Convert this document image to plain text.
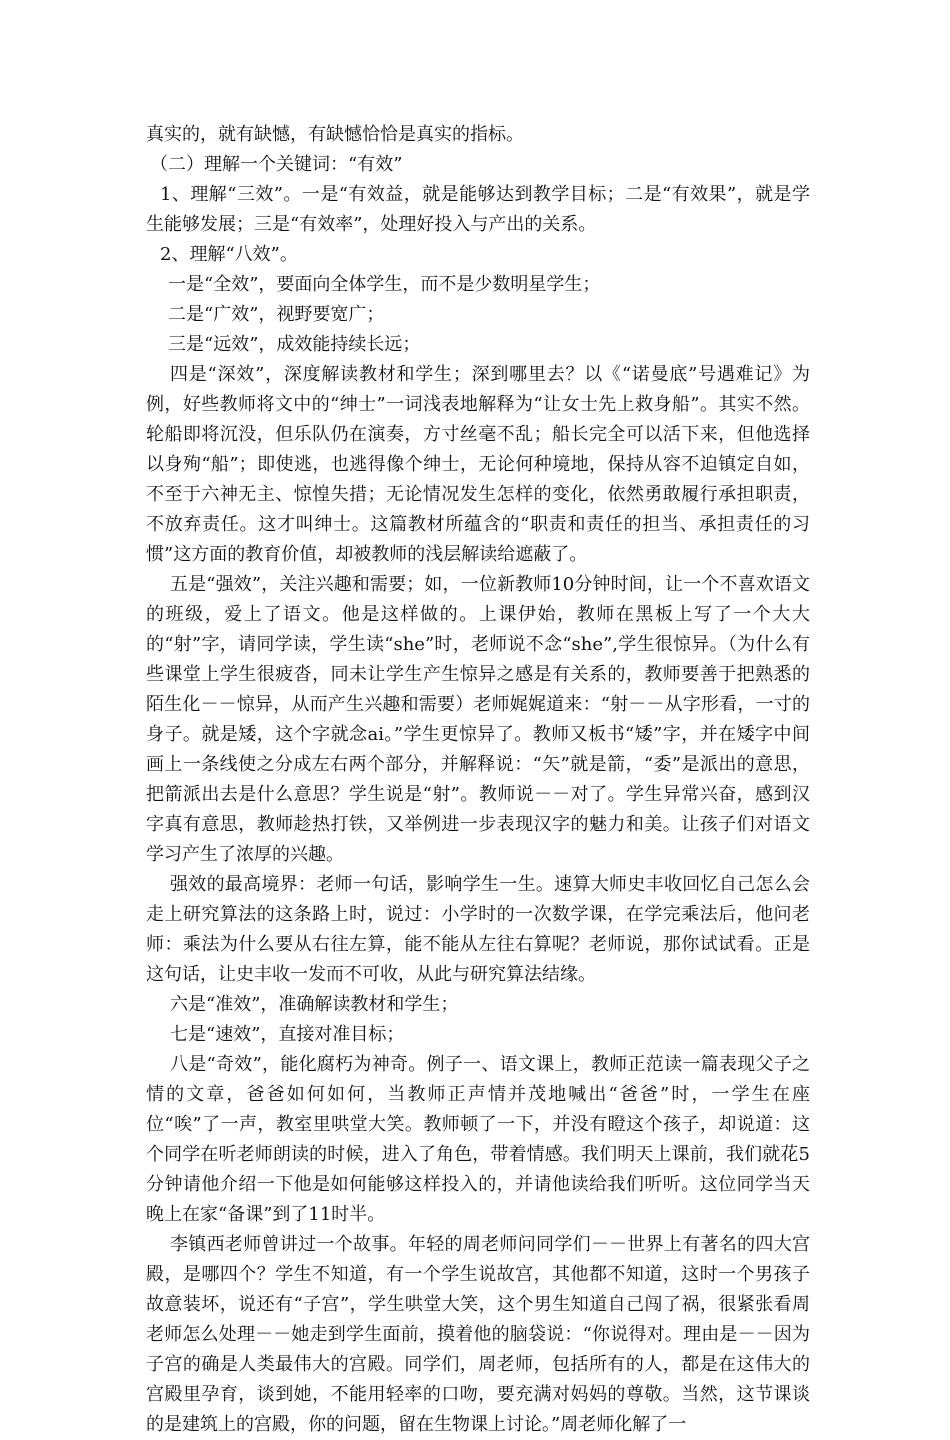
真实的，就有缺憾，有缺憾恰恰是真实的指标。

（二）理解一个关键词：“有效”

1、理解“三效”。一是“有效益，就是能够达到教学目标；二是“有效果”，就是学生能够发展；三是“有效率”，处理好投入与产出的关系。

2、理解“八效”。

一是“全效”，要面向全体学生，而不是少数明星学生；

二是“广效”，视野要宽广；

三是“远效”，成效能持续长远；

四是“深效”，深度解读教材和学生；深到哪里去？以《“诺曼底”号遇难记》为例，好些教师将文中的“绅士”一词浅表地解释为“让女士先上救身船”。其实不然。轮船即将沉没，但乐队仍在演奏，方寸丝毫不乱；船长完全可以活下来，但他选择以身殉“船”；即使逃，也逃得像个绅士，无论何种境地，保持从容不迫镇定自如，不至于六神无主、惊惶失措；无论情况发生怎样的变化，依然勇敢履行承担职责，不放弃责任。这才叫绅士。这篇教材所蕴含的“职责和责任的担当、承担责任的习惯”这方面的教育价值，却被教师的浅层解读给遮蔽了。

五是“强效”，关注兴趣和需要；如，一位新教师10分钟时间，让一个不喜欢语文的班级，爱上了语文。他是这样做的。上课伊始，教师在黑板上写了一个大大的“射”字，请同学读，学生读“she”时，老师说不念“she”,学生很惊异。（为什么有些课堂上学生很疲沓，同未让学生产生惊异之感是有关系的，教师要善于把熟悉的陌生化－－惊异，从而产生兴趣和需要）老师娓娓道来：“射－－从字形看，一寸的身子。就是矮，这个字就念ai。”学生更惊异了。教师又板书“矮”字，并在矮字中间画上一条线使之分成左右两个部分，并解释说：“矢”就是箭，“委”是派出的意思，把箭派出去是什么意思？学生说是“射”。教师说－－对了。学生异常兴奋，感到汉字真有意思，教师趁热打铁，又举例进一步表现汉字的魅力和美。让孩子们对语文学习产生了浓厚的兴趣。

强效的最高境界：老师一句话，影响学生一生。速算大师史丰收回忆自己怎么会走上研究算法的这条路上时，说过：小学时的一次数学课，在学完乘法后，他问老师：乘法为什么要从右往左算，能不能从左往右算呢？老师说，那你试试看。正是这句话，让史丰收一发而不可收，从此与研究算法结缘。

六是“准效”，准确解读教材和学生；

七是“速效”，直接对准目标；

八是“奇效”，能化腐朽为神奇。例子一、语文课上，教师正范读一篇表现父子之情的文章，爸爸如何如何，当教师正声情并茂地喊出“爸爸”时，一学生在座位“唉”了一声，教室里哄堂大笑。教师顿了一下，并没有瞪这个孩子，却说道：这个同学在听老师朗读的时候，进入了角色，带着情感。我们明天上课前，我们就花5分钟请他介绍一下他是如何能够这样投入的，并请他读给我们听听。这位同学当天晚上在家“备课”到了11时半。

李镇西老师曾讲过一个故事。年轻的周老师问同学们－－世界上有著名的四大宫殿，是哪四个？学生不知道，有一个学生说故宫，其他都不知道，这时一个男孩子故意装坏，说还有“子宫”，学生哄堂大笑，这个男生知道自己闯了祸，很紧张看周老师怎么处理－－她走到学生面前，摸着他的脑袋说：“你说得对。理由是－－因为子宫的确是人类最伟大的宫殿。同学们，周老师，包括所有的人，都是在这伟大的宫殿里孕育，谈到她，不能用轻率的口吻，要充满对妈妈的尊敬。当然，这节课谈的是建筑上的宫殿，你的问题，留在生物课上讨论。”周老师化解了一
